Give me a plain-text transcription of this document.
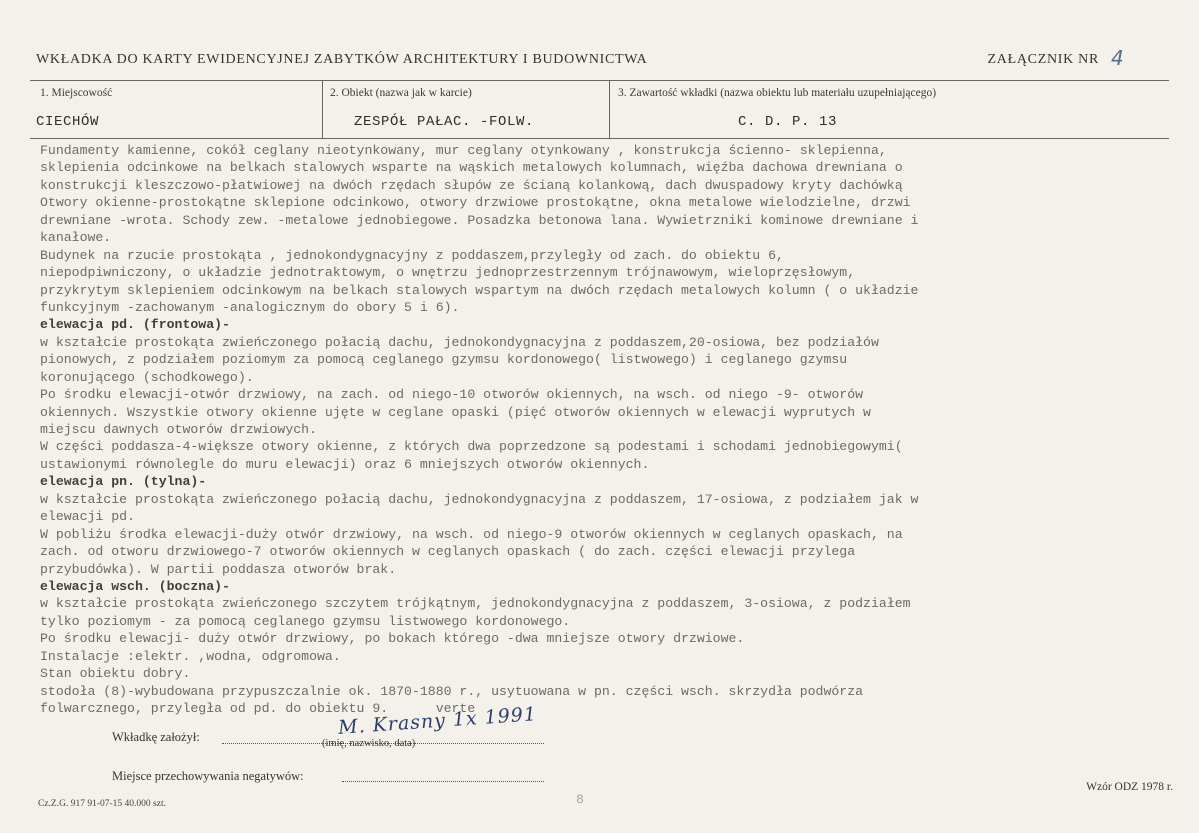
WKŁADKA DO KARTY EWIDENCYJNEJ ZABYTKÓW ARCHITEKTURY I BUDOWNICTWA	ZAŁĄCZNIK NR 4
1. Miejscowość	2. Obiekt (nazwa jak w karcie)	3. Zawartość wkładki (nazwa obiektu lub materiału uzupełniającego)
CIECHÓW	ZESPÓŁ PAŁAC. -FOLW.	C. D. P. 13
Fundamenty kamienne, cokół ceglany nieotynkowany, mur ceglany otynkowany , konstrukcja ścienno- sklepienna,
sklepienia odcinkowe na belkach stalowych wsparte na wąskich metalowych kolumnach, więźba dachowa drewniana o
konstrukcji kleszczowo-płatwiowej na dwóch rzędach słupów ze ścianą kolankową, dach dwuspadowy kryty dachówką
Otwory okienne-prostokątne sklepione odcinkowo, otwory drzwiowe prostokątne, okna metalowe wielodzielne, drzwi
drewniane -wrota. Schody zew. -metalowe jednobiegowe. Posadzka betonowa lana. Wywietrzniki kominowe drewniane i
kanałowe.
Budynek na rzucie prostokąta , jednokondygnacyjny z poddaszem,przyległy od zach. do obiektu 6,
niepodpiwniczony, o układzie jednotraktowym, o wnętrzu jednoprzestrzennym trójnawowym, wieloprzęsłowym,
przykrytym sklepieniem odcinkowym na belkach stalowych wspartym na dwóch rzędach metalowych kolumn ( o układzie
funkcyjnym -zachowanym -analogicznym do obory 5 i 6).
elewacja pd. (frontowa)-
w kształcie prostokąta zwieńczonego połacią dachu, jednokondygnacyjna z poddaszem,20-osiowa, bez podziałów
pionowych, z podziałem poziomym za pomocą ceglanego gzymsu kordonowego( listwowego) i ceglanego gzymsu
koronującego (schodkowego).
Po środku elewacji-otwór drzwiowy, na zach. od niego-10 otworów okiennych, na wsch. od niego -9- otworów
okiennych. Wszystkie otwory okienne ujęte w ceglane opaski (pięć otworów okiennych w elewacji wyprutych w
miejscu dawnych otworów drzwiowych.
W części poddasza-4-większe otwory okienne, z których dwa poprzedzone są podestami i schodami jednobiegowymi(
ustawionymi równolegle do muru elewacji) oraz 6 mniejszych otworów okiennych.
elewacja pn. (tylna)-
w kształcie prostokąta zwieńczonego połacią dachu, jednokondygnacyjna z poddaszem, 17-osiowa, z podziałem jak w
elewacji pd.
W pobliżu środka elewacji-duży otwór drzwiowy, na wsch. od niego-9 otworów okiennych w ceglanych opaskach, na
zach. od otworu drzwiowego-7 otworów okiennych w ceglanych opaskach ( do zach. części elewacji przylega
przybudówka). W partii poddasza otworów brak.
elewacja wsch. (boczna)-
w kształcie prostokąta zwieńczonego szczytem trójkątnym, jednokondygnacyjna z poddaszem, 3-osiowa, z podziałem
tylko poziomym - za pomocą ceglanego gzymsu listwowego kordonowego.
Po środku elewacji- duży otwór drzwiowy, po bokach którego -dwa mniejsze otwory drzwiowe.
Instalacje :elektr. ,wodna, odgromowa.
Stan obiektu dobry.
stodoła (8)-wybudowana przypuszczalnie ok. 1870-1880 r., usytuowana w pn. części wsch. skrzydła podwórza
folwarcznego, przyległa od pd. do obiektu 9.      verte
Wkładkę założył:	M. Krasny 1x 1991
(imię, nazwisko, data)
Miejsce przechowywania negatywów:
Cz.Z.G. 917 91-07-15 40.000 szt.	8
Wzór ODZ 1978 r.
